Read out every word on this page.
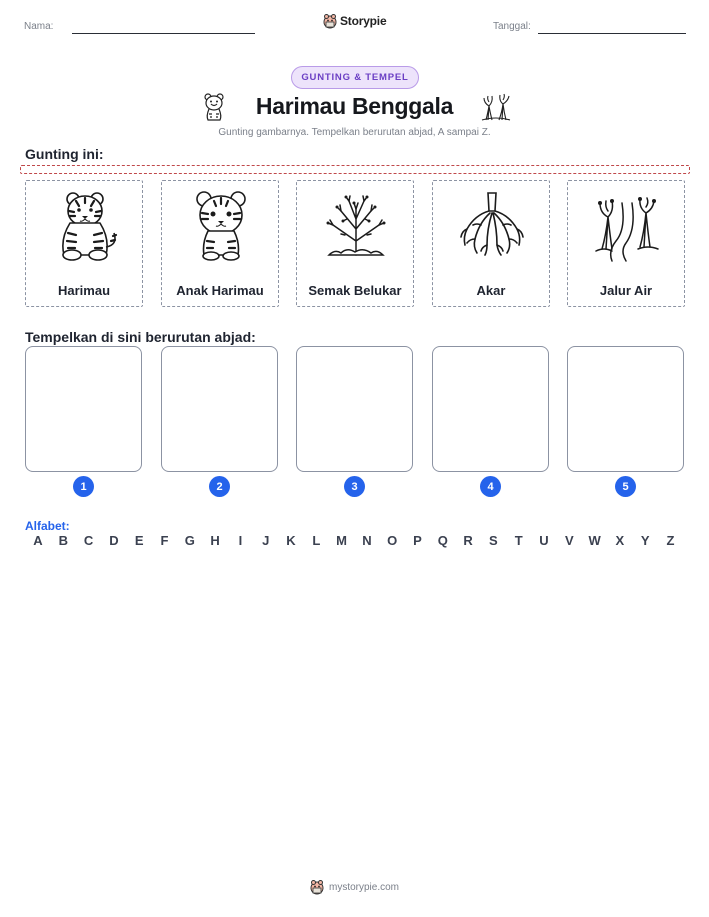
Nama:	Storypie	Tanggal:
GUNTING & TEMPEL
Harimau Benggala
Gunting gambarnya. Tempelkan berurutan abjad, A sampai Z.
Gunting ini:
Harimau	Anak Harimau	Semak Belukar	Akar	Jalur Air
Tempelkan di sini berurutan abjad:
1	2	3	4	5
Alfabet:
A	B	C	D	E	F	G	H	I	J	K	L	M	N	O	P	Q	R	S	T	U	V	W	X	Y	Z
mystorypie.com
